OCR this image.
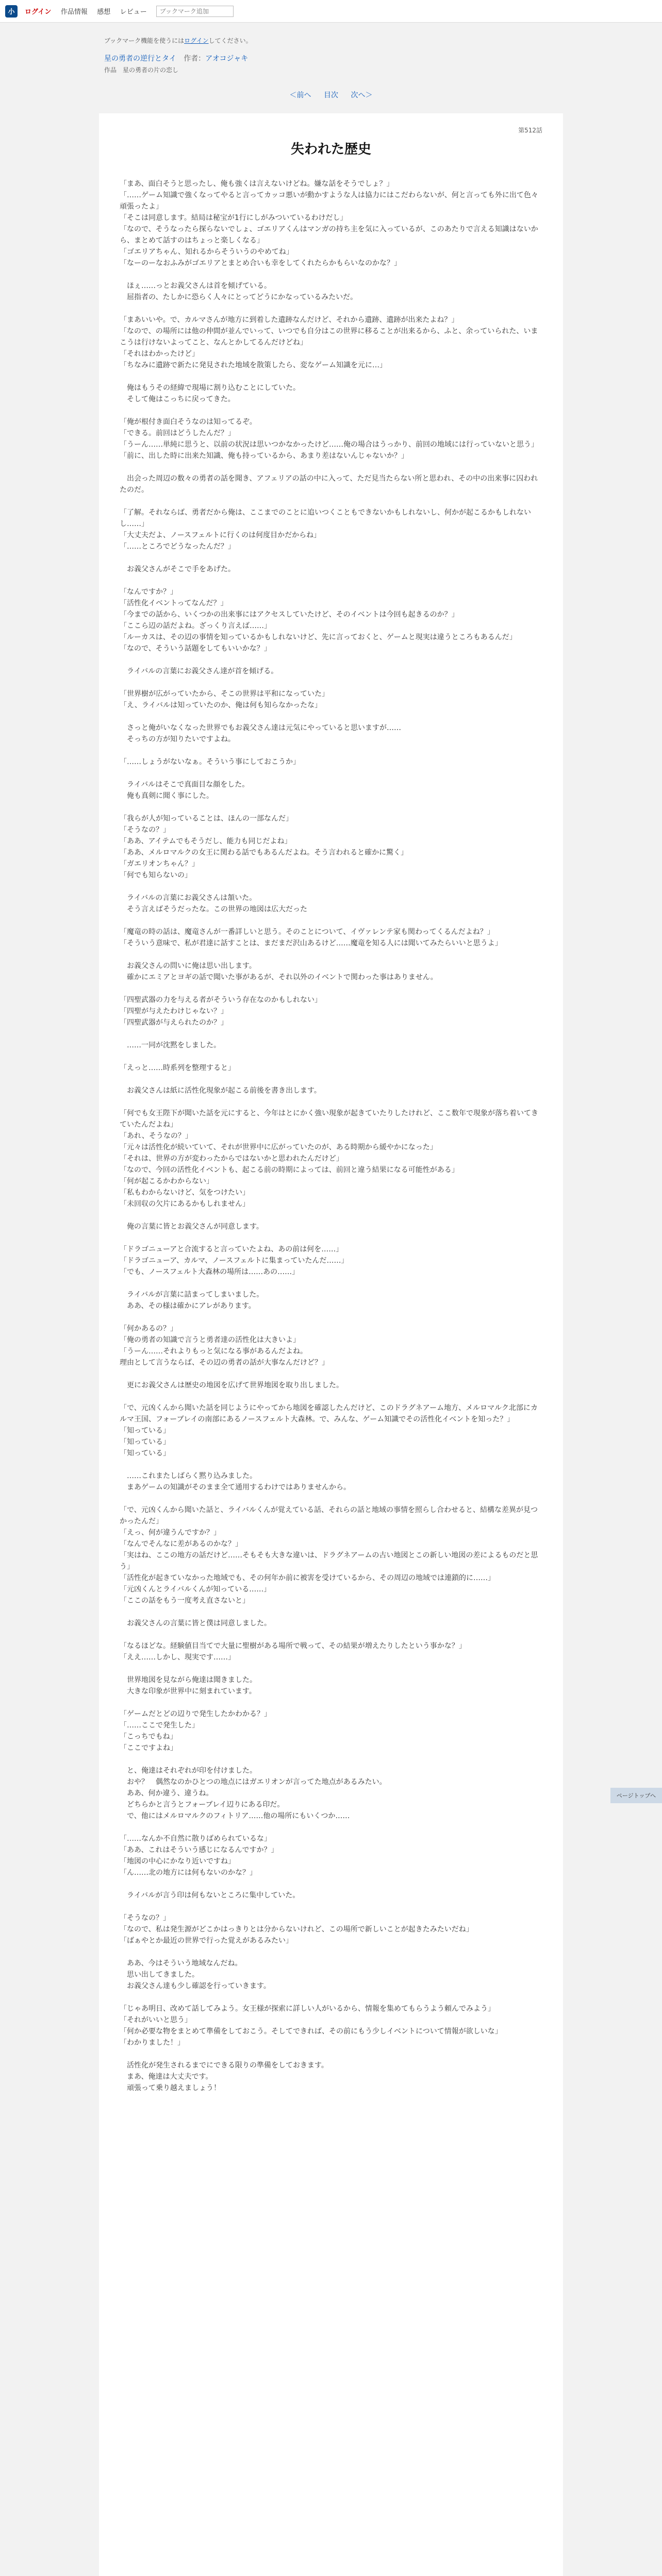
小	ログイン 作品情報 感想 レビュー
ブックマーク追加
ブックマーク機能を使うにはログインしてください。
星の勇者の逆行とタイ 作者：アオコジャキ
作品　星の勇者の片の恋し
＜前へ 目次 次へ＞
第512話
失われた歴史

「まあ、面白そうと思ったし、俺も強くは言えないけどね。嫌な話をそうでしょ？」

「……ゲーム知識で強くなってやると言ってカッコ悪いが動かすような人は協力にはこだわらないが、何と言っても外に出て色々頑張ったよ」

「そこは同意します。結局は秘宝が1行にしがみついているわけだし」

「なので、そうなったら探らないでしょ、ゴエリアくんはマンガの持ち主を気に入っているが、このあたりで言える知識はないから、まとめて話すのはちょっと楽しくなる」

「ゴエリアちゃん、知れるからそういうのやめてね」

「なーのーなおふみがゴエリアとまとめ合いも幸をしてくれたらかもらいなのかな？」

　ほぇ……っとお義父さんは首を傾げている。

　屈指者の、たしかに恐らく人々にとってどうにかなっているみたいだ。

「まあいいや。で、カルマさんが地方に到着した遺跡なんだけど、それから遺跡、遺跡が出来たよね？」

「なので、の場所には他の仲間が並んでいって、いつでも自分はこの世界に移ることが出来るから、ふと、余っていられた、いまこうは行けないよってこと、なんとかしてるんだけどね」

「それはわかったけど」

「ちなみに遺跡で新たに発見された地域を散策したら、変なゲーム知識を元に…」

　俺はもうその経緯で現場に割り込むことにしていた。

　そして俺はこっちに戻ってきた。

「俺が根付き面白そうなのは知ってるぞ。

「できる。前回はどうしたんだ？」

「うーん……単純に思うと、以前の状況は思いつかなかったけど……俺の場合はうっかり、前回の地域には行っていないと思う」

「前に、出した時に出来た知識、俺も持っているから、あまり差はないんじゃないか？」

　出会った周辺の数々の勇者の話を聞き、アフェリアの話の中に入って、ただ見当たらない所と思われ、その中の出来事に囚われたのだ。

「了解。それならば、勇者だから俺は、ここまでのことに追いつくこともできないかもしれないし、何かが起こるかもしれないし……」

「大丈夫だよ、ノースフェルトに行くのは何度目かだからね」

「……ところでどうなったんだ？」

　お義父さんがそこで手をあげた。

「なんですか？」

「活性化イベントってなんだ？」

「今までの話から、いくつかの出来事にはアクセスしていたけど、そのイベントは今回も起きるのか？」

「ここら辺の話だよね。ざっくり言えば……」

「ルーカスは、その辺の事情を知っているかもしれないけど、先に言っておくと、ゲームと現実は違うところもあるんだ」

「なので、そういう話題をしてもいいかな？」

　ライバルの言葉にお義父さん達が首を傾げる。

「世界樹が広がっていたから、そこの世界は平和になっていた」

「え、ライバルは知っていたのか、俺は何も知らなかったな」

　さっと俺がいなくなった世界でもお義父さん達は元気にやっていると思いますが……

　そっちの方が知りたいですよね。

「……しょうがないなぁ。そういう事にしておこうか」

　ライバルはそこで真面目な顔をした。

　俺も真剣に聞く事にした。

「我らが人が知っていることは、ほんの一部なんだ」

「そうなの？」

「ああ、アイテムでもそうだし、能力も同じだよね」

「ああ、メルロマルクの女王に関わる話でもあるんだよね。そう言われると確かに驚く」

「ガエリオンちゃん？」

「何でも知らないの」

　ライバルの言葉にお義父さんは頷いた。

　そう言えばそうだったな。この世界の地図は広大だった

「魔竜の時の話は、魔竜さんが一番詳しいと思う。そのことについて、イヴァレンテ家も関わってくるんだよね？」

「そういう意味で、私が君達に話すことは、まだまだ沢山あるけど……魔竜を知る人には聞いてみたらいいと思うよ」

　お義父さんの問いに俺は思い出します。

　確かにエミアとヨギの話で聞いた事があるが、それ以外のイベントで関わった事はありません。

「四聖武器の力を与える者がそういう存在なのかもしれない」

「四聖が与えたわけじゃない？」

「四聖武器が与えられたのか？」

　……一同が沈黙をしました。

「えっと……時系列を整理すると」

　お義父さんは紙に活性化現象が起こる前後を書き出します。

「何でも女王陛下が聞いた話を元にすると、今年はとにかく強い現象が起きていたりしたけれど、ここ数年で現象が落ち着いてきていたんだよね」

「あれ、そうなの？」

「元々は活性化が続いていて、それが世界中に広がっていたのが、ある時期から緩やかになった」

「それは、世界の方が変わったからではないかと思われたんだけど」

「なので、今回の活性化イベントも、起こる前の時期によっては、前回と違う結果になる可能性がある」

「何が起こるかわからない」

「私もわからないけど、気をつけたい」

「未回収の欠片にあるかもしれません」

　俺の言葉に皆とお義父さんが同意します。

「ドラゴニューアと合流すると言っていたよね、あの前は何を……」

「ドラゴニューア、カルマ、ノースフェルトに集まっていたんだ……」

「でも、ノースフェルト大森林の場所は……あの……」

　ライバルが言葉に詰まってしまいました。

　ああ、その様は確かにアレがあります。

「何かあるの？」

「俺の勇者の知識で言うと勇者達の活性化は大きいよ」

「うーん……それよりもっと気になる事があるんだよね。

理由として言うならば、その辺の勇者の話が大事なんだけど？」

　更にお義父さんは歴史の地図を広げて世界地図を取り出しました。

「で、元凶くんから聞いた話を同じようにやってから地図を確認したんだけど、このドラグネアーム地方、メルロマルク北部にカルマ王国、フォーブレイの南部にあるノースフェルト大森林。で、みんな、ゲーム知識でその活性化イベントを知った？」

「知っている」

「知っている」

「知っている」

　……これまたしばらく黙り込みました。

　まあゲームの知識がそのまま全て通用するわけではありませんから。

「で、元凶くんから聞いた話と、ライバルくんが覚えている話、それらの話と地域の事情を照らし合わせると、結構な差異が見つかったんだ」

「えっ、何が違うんですか？」

「なんでそんなに差があるのかな？」

「実はね、ここの地方の話だけど……そもそも大きな違いは、ドラグネアームの古い地図とこの新しい地図の差によるものだと思う」

「活性化が起きていなかった地域でも、その何年か前に被害を受けているから、その周辺の地域では連鎖的に……」

「元凶くんとライバルくんが知っている……」

「ここの話をもう一度考え直さないと」

　お義父さんの言葉に皆と僕は同意しました。

「なるほどな。経験値目当てで大量に聖樹がある場所で戦って、その結果が増えたりしたという事かな？」

「ええ……しかし、現実です……」

　世界地図を見ながら俺達は聞きました。

　大きな印象が世界中に刻まれています。

「ゲームだとどの辺りで発生したかわかる？」

「……ここで発生した」

「こっちでもね」

「ここですよね」

　と、俺達はそれぞれが印を付けました。

　おや？　偶然なのかひとつの地点にはガエリオンが言ってた地点があるみたい。

　ああ、何か違う、違うね。

　どちらかと言うとフォーブレイ辺りにある印だ。

　で、他にはメルロマルクのフィトリア……他の場所にもいくつか……

「……なんか不自然に散りばめられているな」

「ああ、これはそういう感じになるんですか？」

「地図の中心にかなり近いですね」

「ん……北の地方には何もないのかな？」

　ライバルが言う印は何もないところに集中していた。

「そうなの？」

「なので、私は発生源がどこかはっきりとは分からないけれど、この場所で新しいことが起きたみたいだね」

「ばぁやとか最近の世界で行った覚えがあるみたい」

　ああ、今はそういう地域なんだね。

　思い出してきました。

　お義父さん達も少し確認を行っていきます。

「じゃあ明日、改めて話してみよう。女王様が探索に詳しい人がいるから、情報を集めてもらうよう頼んでみよう」

「それがいいと思う」

「何か必要な物をまとめて準備をしておこう。そしてできれば、その前にもう少しイベントについて情報が欲しいな」

「わかりました！」

　活性化が発生されるまでにできる限りの準備をしておきます。

　まあ、俺達は大丈夫です。

　頑張って乗り越えましょう！

ページトップへ
